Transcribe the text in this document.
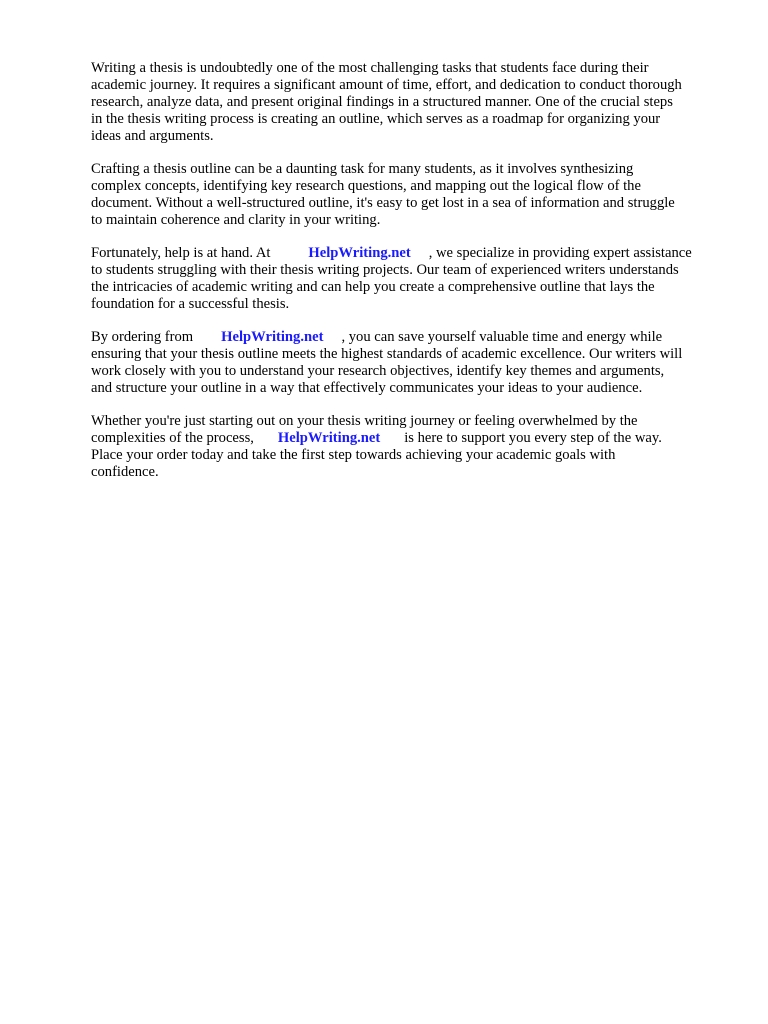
Writing a thesis is undoubtedly one of the most challenging tasks that students face during their
academic journey. It requires a significant amount of time, effort, and dedication to conduct thorough
research, analyze data, and present original findings in a structured manner. One of the crucial steps
in the thesis writing process is creating an outline, which serves as a roadmap for organizing your
ideas and arguments.

Crafting a thesis outline can be a daunting task for many students, as it involves synthesizing
complex concepts, identifying key research questions, and mapping out the logical flow of the
document. Without a well-structured outline, it's easy to get lost in a sea of information and struggle
to maintain coherence and clarity in your writing.

Fortunately, help is at hand. At	HelpWriting.net , we specialize in providing expert assistance
to students struggling with their thesis writing projects. Our team of experienced writers understands
the intricacies of academic writing and can help you create a comprehensive outline that lays the
foundation for a successful thesis.

By ordering from HelpWriting.net , you can save yourself valuable time and energy while
ensuring that your thesis outline meets the highest standards of academic excellence. Our writers will
work closely with you to understand your research objectives, identify key themes and arguments,
and structure your outline in a way that effectively communicates your ideas to your audience.

Whether you're just starting out on your thesis writing journey or feeling overwhelmed by the
complexities of the process, HelpWriting.net is here to support you every step of the way.
Place your order today and take the first step towards achieving your academic goals with
confidence.
